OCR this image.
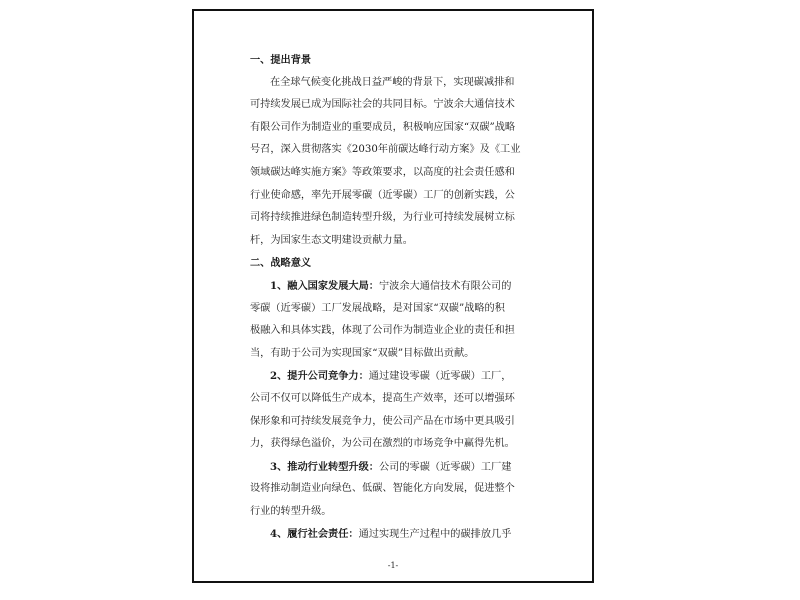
一、提出背景
在全球气候变化挑战日益严峻的背景下，实现碳减排和
可持续发展已成为国际社会的共同目标。宁波余大通信技术
有限公司作为制造业的重要成员，积极响应国家“双碳”战略
号召，深入贯彻落实《2030年前碳达峰行动方案》及《工业
领域碳达峰实施方案》等政策要求，以高度的社会责任感和
行业使命感，率先开展零碳（近零碳）工厂的创新实践，公
司将持续推进绿色制造转型升级，为行业可持续发展树立标
杆，为国家生态文明建设贡献力量。
二、战略意义
1、融入国家发展大局：宁波余大通信技术有限公司的
零碳（近零碳）工厂发展战略，是对国家“双碳”战略的积
极融入和具体实践，体现了公司作为制造业企业的责任和担
当，有助于公司为实现国家“双碳”目标做出贡献。
2、提升公司竞争力：通过建设零碳（近零碳）工厂，
公司不仅可以降低生产成本，提高生产效率，还可以增强环
保形象和可持续发展竞争力，使公司产品在市场中更具吸引
力，获得绿色溢价，为公司在激烈的市场竞争中赢得先机。
3、推动行业转型升级：公司的零碳（近零碳）工厂建
设将推动制造业向绿色、低碳、智能化方向发展，促进整个
行业的转型升级。
4、履行社会责任：通过实现生产过程中的碳排放几乎
-1-
